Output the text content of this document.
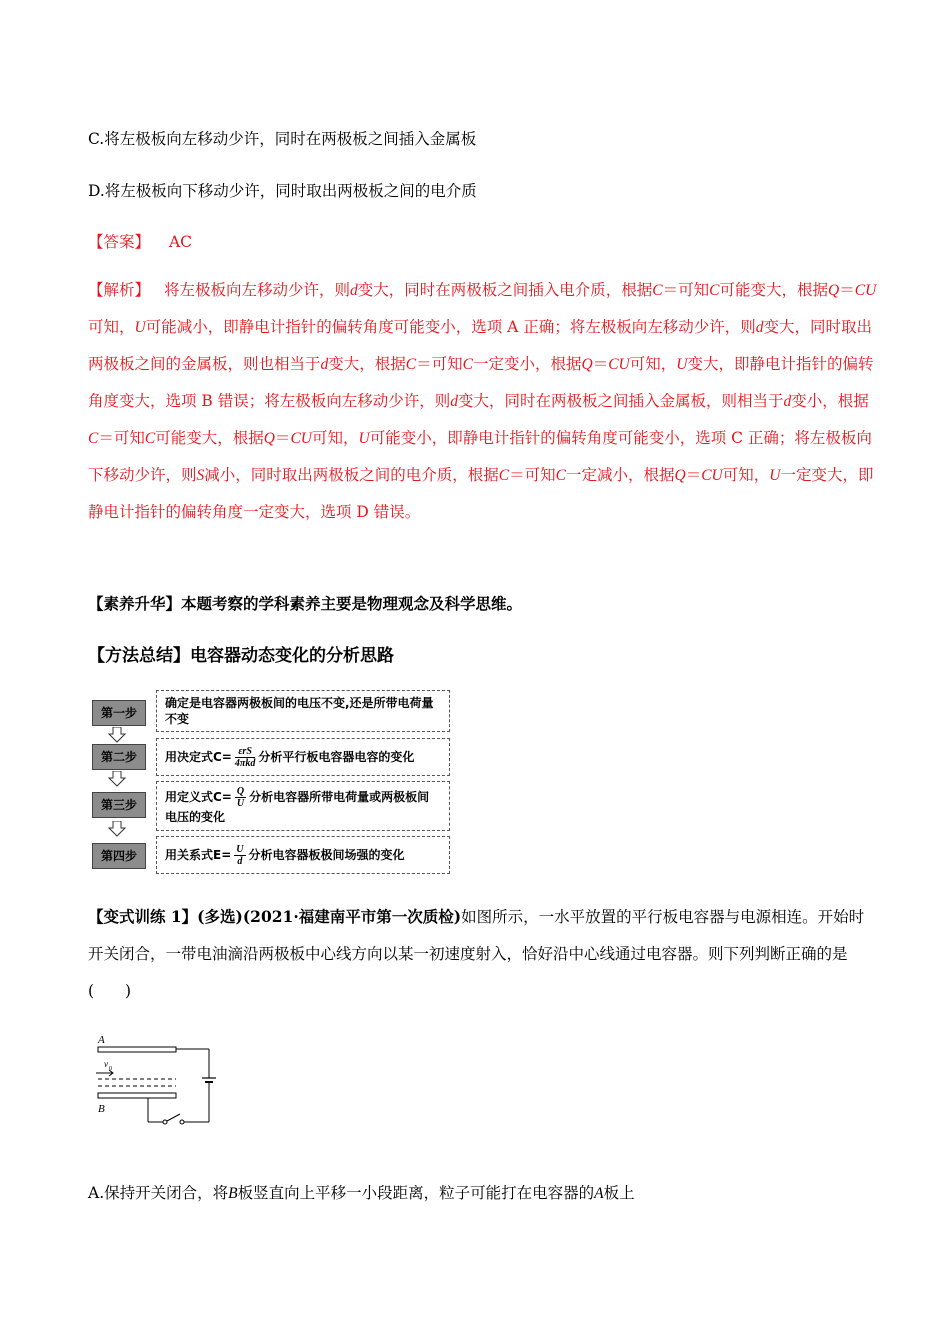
C.将左极板向左移动少许，同时在两极板之间插入金属板
D.将左极板向下移动少许，同时取出两极板之间的电介质
【答案】 AC
【解析】 将左极板向左移动少许，则d变大，同时在两极板之间插入电介质，根据C＝可知C可能变大，根据Q＝CU可知，U可能减小，即静电计指针的偏转角度可能变小，选项 A 正确；将左极板向左移动少许，则d变大，同时取出两极板之间的金属板，则也相当于d变大，根据C＝可知C一定变小，根据Q＝CU可知，U变大，即静电计指针的偏转角度变大，选项 B 错误；将左极板向左移动少许，则d变大，同时在两极板之间插入金属板，则相当于d变小，根据C＝可知C可能变大，根据Q＝CU可知，U可能变小，即静电计指针的偏转角度可能变小，选项 C 正确；将左极板向下移动少许，则S减小，同时取出两极板之间的电介质，根据C＝可知C一定减小，根据Q＝CU可知，U一定变大，即静电计指针的偏转角度一定变大，选项 D 错误。
【素养升华】本题考察的学科素养主要是物理观念及科学思维。
【方法总结】电容器动态变化的分析思路
第一步
第二步
第三步
第四步
确定是电容器两极板间的电压不变,还是所带电荷量不变
用决定式$C= \frac{\text{εrS}}{\text{4πkd}}$ 分析平行板电容器电容的变化
用定义式$C= \frac{Q}{U}$ 分析电容器所带电荷量或两极板间电压的变化
用关系式$E= \frac{U}{d}$ 分析电容器板极间场强的变化
【变式训练 1】(多选)(2021·福建南平市第一次质检)如图所示，一水平放置的平行板电容器与电源相连。开始时开关闭合，一带电油滴沿两极板中心线方向以某一初速度射入，恰好沿中心线通过电容器。则下列判断正确的是(　　)
A
v 0
B
A.保持开关闭合，将B板竖直向上平移一小段距离，粒子可能打在电容器的A板上
